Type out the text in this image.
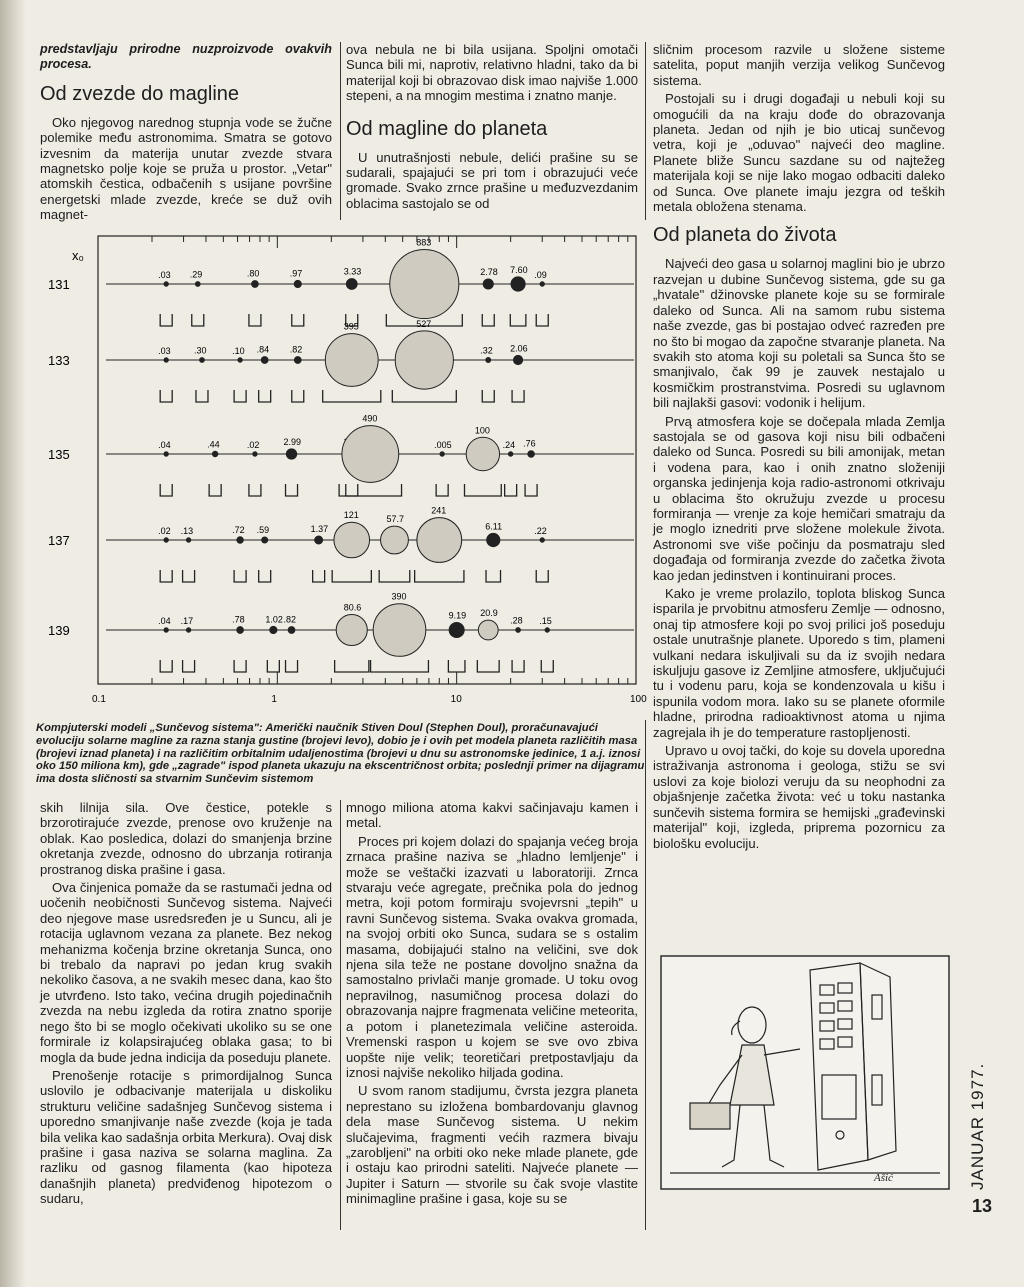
predstavljaju prirodne nuzproizvode ovakvih procesa.

Od zvezde do magline

Oko njegovog narednog stupnja vode se žučne polemike među astronomima. Smatra se gotovo izvesnim da materija unutar zvezde stvara magnetsko polje koje se pruža u prostor. „Vetar" atomskih čestica, odbačenih s usijane površine energetski mlade zvezde, kreće se duž ovih magnet-

ova nebula ne bi bila usijana. Spoljni omotači Sunca bili mi, naprotiv, relativno hladni, tako da bi materijal koji bi obrazovao disk imao najviše 1.000 stepeni, a na mnogim mestima i znatno manje.

Od magline do planeta

U unutrašnjosti nebule, delići prašine su se sudarali, spajajući se pri tom i obrazujući veće gromade. Svako zrnce prašine u međuzvezdanim oblacima sastojalo se od

sličnim procesom razvile u složene sisteme satelita, poput manjih verzija velikog Sunčevog sistema.

Postojali su i drugi događaji u nebuli koji su omogućili da na kraju dođe do obrazovanja planeta. Jedan od njih je bio uticaj sunčevog vetra, koji je „oduvao" najveći deo magline. Planete bliže Suncu sazdane su od najtežeg materijala koji se nije lako mogao odbaciti daleko od Sunca. Ove planete imaju jezgra od teških metala obložena stenama.

Od planeta do života

Najveći deo gasa u solarnoj maglini bio je ubrzo razvejan u dubine Sunčevog sistema, gde su ga „hvatale" džinovske planete koje su se formirale daleko od Sunca. Ali na samom rubu sistema naše zvezde, gas bi postajao odveć razređen pre no što bi mogao da započne stvaranje planeta. Na svakih sto atoma koji su poletali sa Sunca što se smanjivalo, čak 99 je zauvek nestajalo u kosmičkim prostranstvima. Posredi su uglavnom bili najlakši gasovi: vodonik i helijum.

Prvą atmosfera koje se dočepala mlada Zemlja sastojala se od gasova koji nisu bili odbačeni daleko od Sunca. Posredi su bili amonijak, metan i vodena para, kao i onih znatno složeniji organska jedinjenja koja radio-astronomi otkrivaju u oblacima što okružuju zvezde u procesu formiranja — vrenje za koje hemičari smatraju da je moglo iznedriti prve složene molekule života. Astronomi sve više počinju da posmatraju sled događaja od formiranja zvezde do začetka života kao jedan jedinstven i kontinuirani proces.

Kako je vreme prolazilo, toplota bliskog Sunca isparila je prvobitnu atmosferu Zemlje — odnosno, onaj tip atmosfere koji po svoj prilici još poseduju ostale unutrašnje planete. Uporedo s tim, plameni vulkani nedara iskuljivali su da iz svojih nedara iskuljuju gasove iz Zemljine atmosfere, uključujući tu i vodenu paru, koja se kondenzovala u kišu i ispunila vodom mora. Iako su se planete oformile hladne, prirodna radioaktivnost atoma u njima zagrejala ih je do temperature rastopljenosti.

Upravo u ovoj tački, do koje su dovela uporedna istraživanja astronoma i geologa, stižu se svi uslovi za koje biolozi veruju da su neophodni za objašnjenje začetka života: već u toku nastanka sunčevih sistema formira se hemijski „građevinski materijal" koji, izgleda, priprema pozornicu za biološku evoluciju.

x₀
131
.03 .29	.80	.97	3.33
883
2.78 7.60 .09
133
.03	.30	.10 .84 .82
395	527
.32 2.06
135
.04	.44	.02	2.99
490
.005
100
.24 .76
137
.02 .13	.72 .59	1.37
121	57.7
241
6.11	.22
139
.04 .17	.78 1.02 .82
80.6
390
9.19 20.9
.28 .15
0.1	1	10	100
Kompjuterski modeli „Sunčevog sistema": Američki naučnik Stiven Doul (Stephen Doul), proračunavajući evoluciju solarne magline za razna stanja gustine (brojevi levo), dobio je i ovih pet modela planeta različitih masa (brojevi iznad planeta) i na različitim orbitalnim udaljenostima (brojevi u dnu su astronomske jedinice, 1 a.j. iznosi oko 150 miliona km), gde „zagrade" ispod planeta ukazuju na ekscentričnost orbita; poslednji primer na dijagramu ima dosta sličnosti sa stvarnim Sunčevim sistemom

skih lilnija sila. Ove čestice, potekle s brzorotirajuće zvezde, prenose ovo kruženje na oblak. Kao posledica, dolazi do smanjenja brzine okretanja zvezde, odnosno do ubrzanja rotiranja prostranog diska prašine i gasa.

Ova činjenica pomaže da se rastumači jedna od uočenih neobičnosti Sunčevog sistema. Najveći deo njegove mase usredsređen je u Suncu, ali je rotacija uglavnom vezana za planete. Bez nekog mehanizma kočenja brzine okretanja Sunca, ono bi trebalo da napravi po jedan krug svakih nekoliko časova, a ne svakih mesec dana, kao što je utvrđeno. Isto tako, većina drugih pojedinačnih zvezda na nebu izgleda da rotira znatno sporije nego što bi se moglo očekivati ukoliko su se one formirale iz kolapsirajućeg oblaka gasa; to bi mogla da bude jedna indicija da poseduju planete.

Prenošenje rotacije s primordijalnog Sunca uslovilo je odbacivanje materijala u diskoliku strukturu veličine sadašnjeg Sunčevog sistema i uporedno smanjivanje naše zvezde (koja je tada bila velika kao sadašnja orbita Merkura). Ovaj disk prašine i gasa naziva se solarna maglina. Za razliku od gasnog filamenta (kao hipoteza današnjih planeta) predviđenog hipotezom o sudaru,

mnogo miliona atoma kakvi sačinjavaju kamen i metal.

Proces pri kojem dolazi do spajanja većeg broja zrnaca prašine naziva se „hladno lemljenje" i može se veštački izazvati u laboratoriji. Zrnca stvaraju veće agregate, prečnika pola do jednog metra, koji potom formiraju svojevrsni „tepih" u ravni Sunčevog sistema. Svaka ovakva gromada, na svojoj orbiti oko Sunca, sudara se s ostalim masama, dobijajući stalno na veličini, sve dok njena sila teže ne postane dovoljno snažna da samostalno privlači manje gromade. U toku ovog nepravilnog, nasumičnog procesa dolazi do obrazovanja najpre fragmenata veličine meteorita, a potom i planetezimala veličine asteroida. Vremenski raspon u kojem se sve ovo zbiva uopšte nije velik; teoretičari pretpostavljaju da iznosi najviše nekoliko hiljada godina.

U svom ranom stadijumu, čvrsta jezgra planeta neprestano su izložena bombardovanju glavnog dela mase Sunčevog sistema. U nekim slučajevima, fragmenti većih razmera bivaju „zarobljeni" na orbiti oko neke mlade planete, gde i ostaju kao prirodni sateliti. Najveće planete — Jupiter i Saturn — stvorile su čak svoje vlastite minimagline prašine i gasa, koje su se

Ašić	JANUAR 1977.
13
